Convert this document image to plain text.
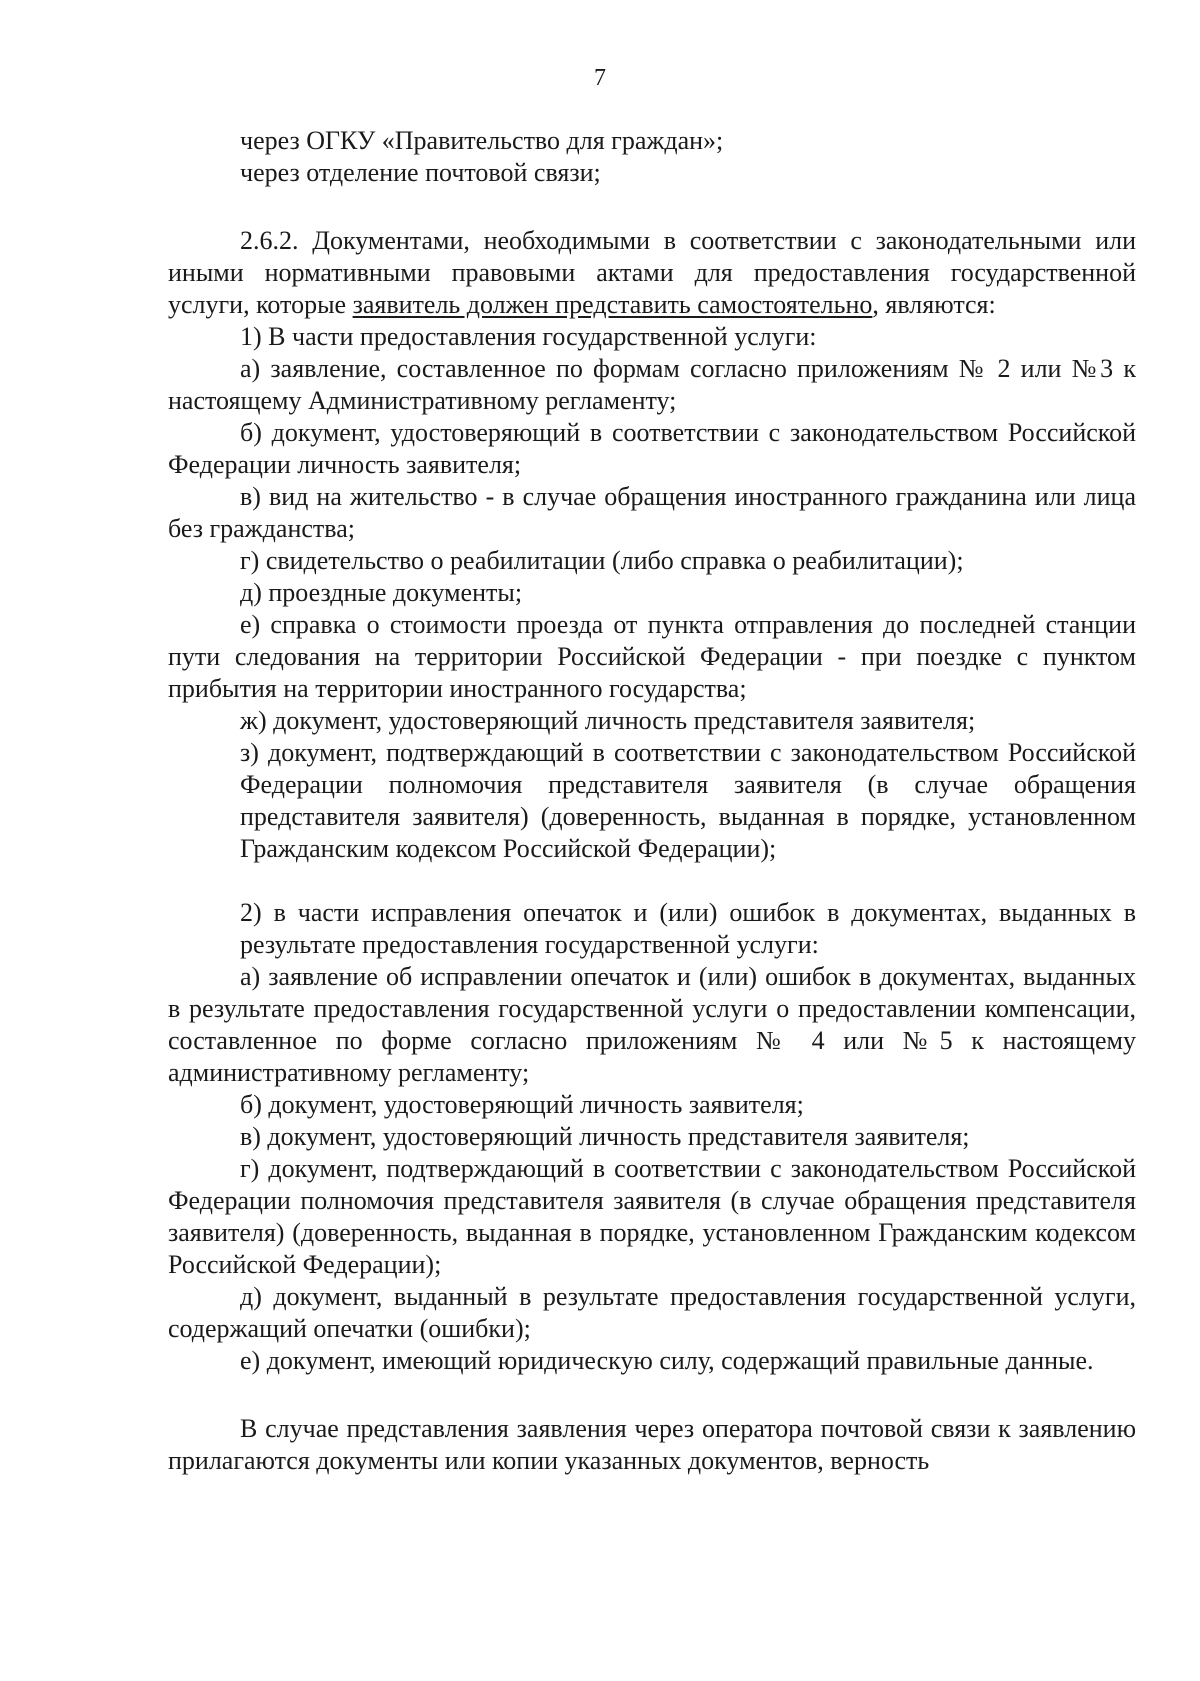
7

через ОГКУ «Правительство для граждан»;

через отделение почтовой связи;

2.6.2. Документами, необходимыми в соответствии с законодательными или иными нормативными правовыми актами для предоставления государственной услуги, которые заявитель должен представить самостоятельно, являются:

1) В части предоставления государственной услуги:

а) заявление, составленное по формам согласно приложениям № 2 или №3 к настоящему Административному регламенту;

б) документ, удостоверяющий в соответствии с законодательством Российской Федерации личность заявителя;

в) вид на жительство - в случае обращения иностранного гражданина или лица без гражданства;

г) свидетельство о реабилитации (либо справка о реабилитации);

д) проездные документы;

е) справка о стоимости проезда от пункта отправления до последней станции пути следования на территории Российской Федерации - при поездке с пунктом прибытия на территории иностранного государства;

ж) документ, удостоверяющий личность представителя заявителя;

з) документ, подтверждающий в соответствии с законодательством Российской Федерации полномочия представителя заявителя (в случае обращения представителя заявителя) (доверенность, выданная в порядке, установленном Гражданским кодексом Российской Федерации);

2) в части исправления опечаток и (или) ошибок в документах, выданных в результате предоставления государственной услуги:

а) заявление об исправлении опечаток и (или) ошибок в документах, выданных в результате предоставления государственной услуги о предоставлении компенсации, составленное по форме согласно приложениям № 4 или №5 к настоящему административному регламенту;

б) документ, удостоверяющий личность заявителя;

в) документ, удостоверяющий личность представителя заявителя;

г) документ, подтверждающий в соответствии с законодательством Российской Федерации полномочия представителя заявителя (в случае обращения представителя заявителя) (доверенность, выданная в порядке, установленном Гражданским кодексом Российской Федерации);

д) документ, выданный в результате предоставления государственной услуги, содержащий опечатки (ошибки);

е) документ, имеющий юридическую силу, содержащий правильные данные.

В случае представления заявления через оператора почтовой связи к заявлению прилагаются документы или копии указанных документов, верность
